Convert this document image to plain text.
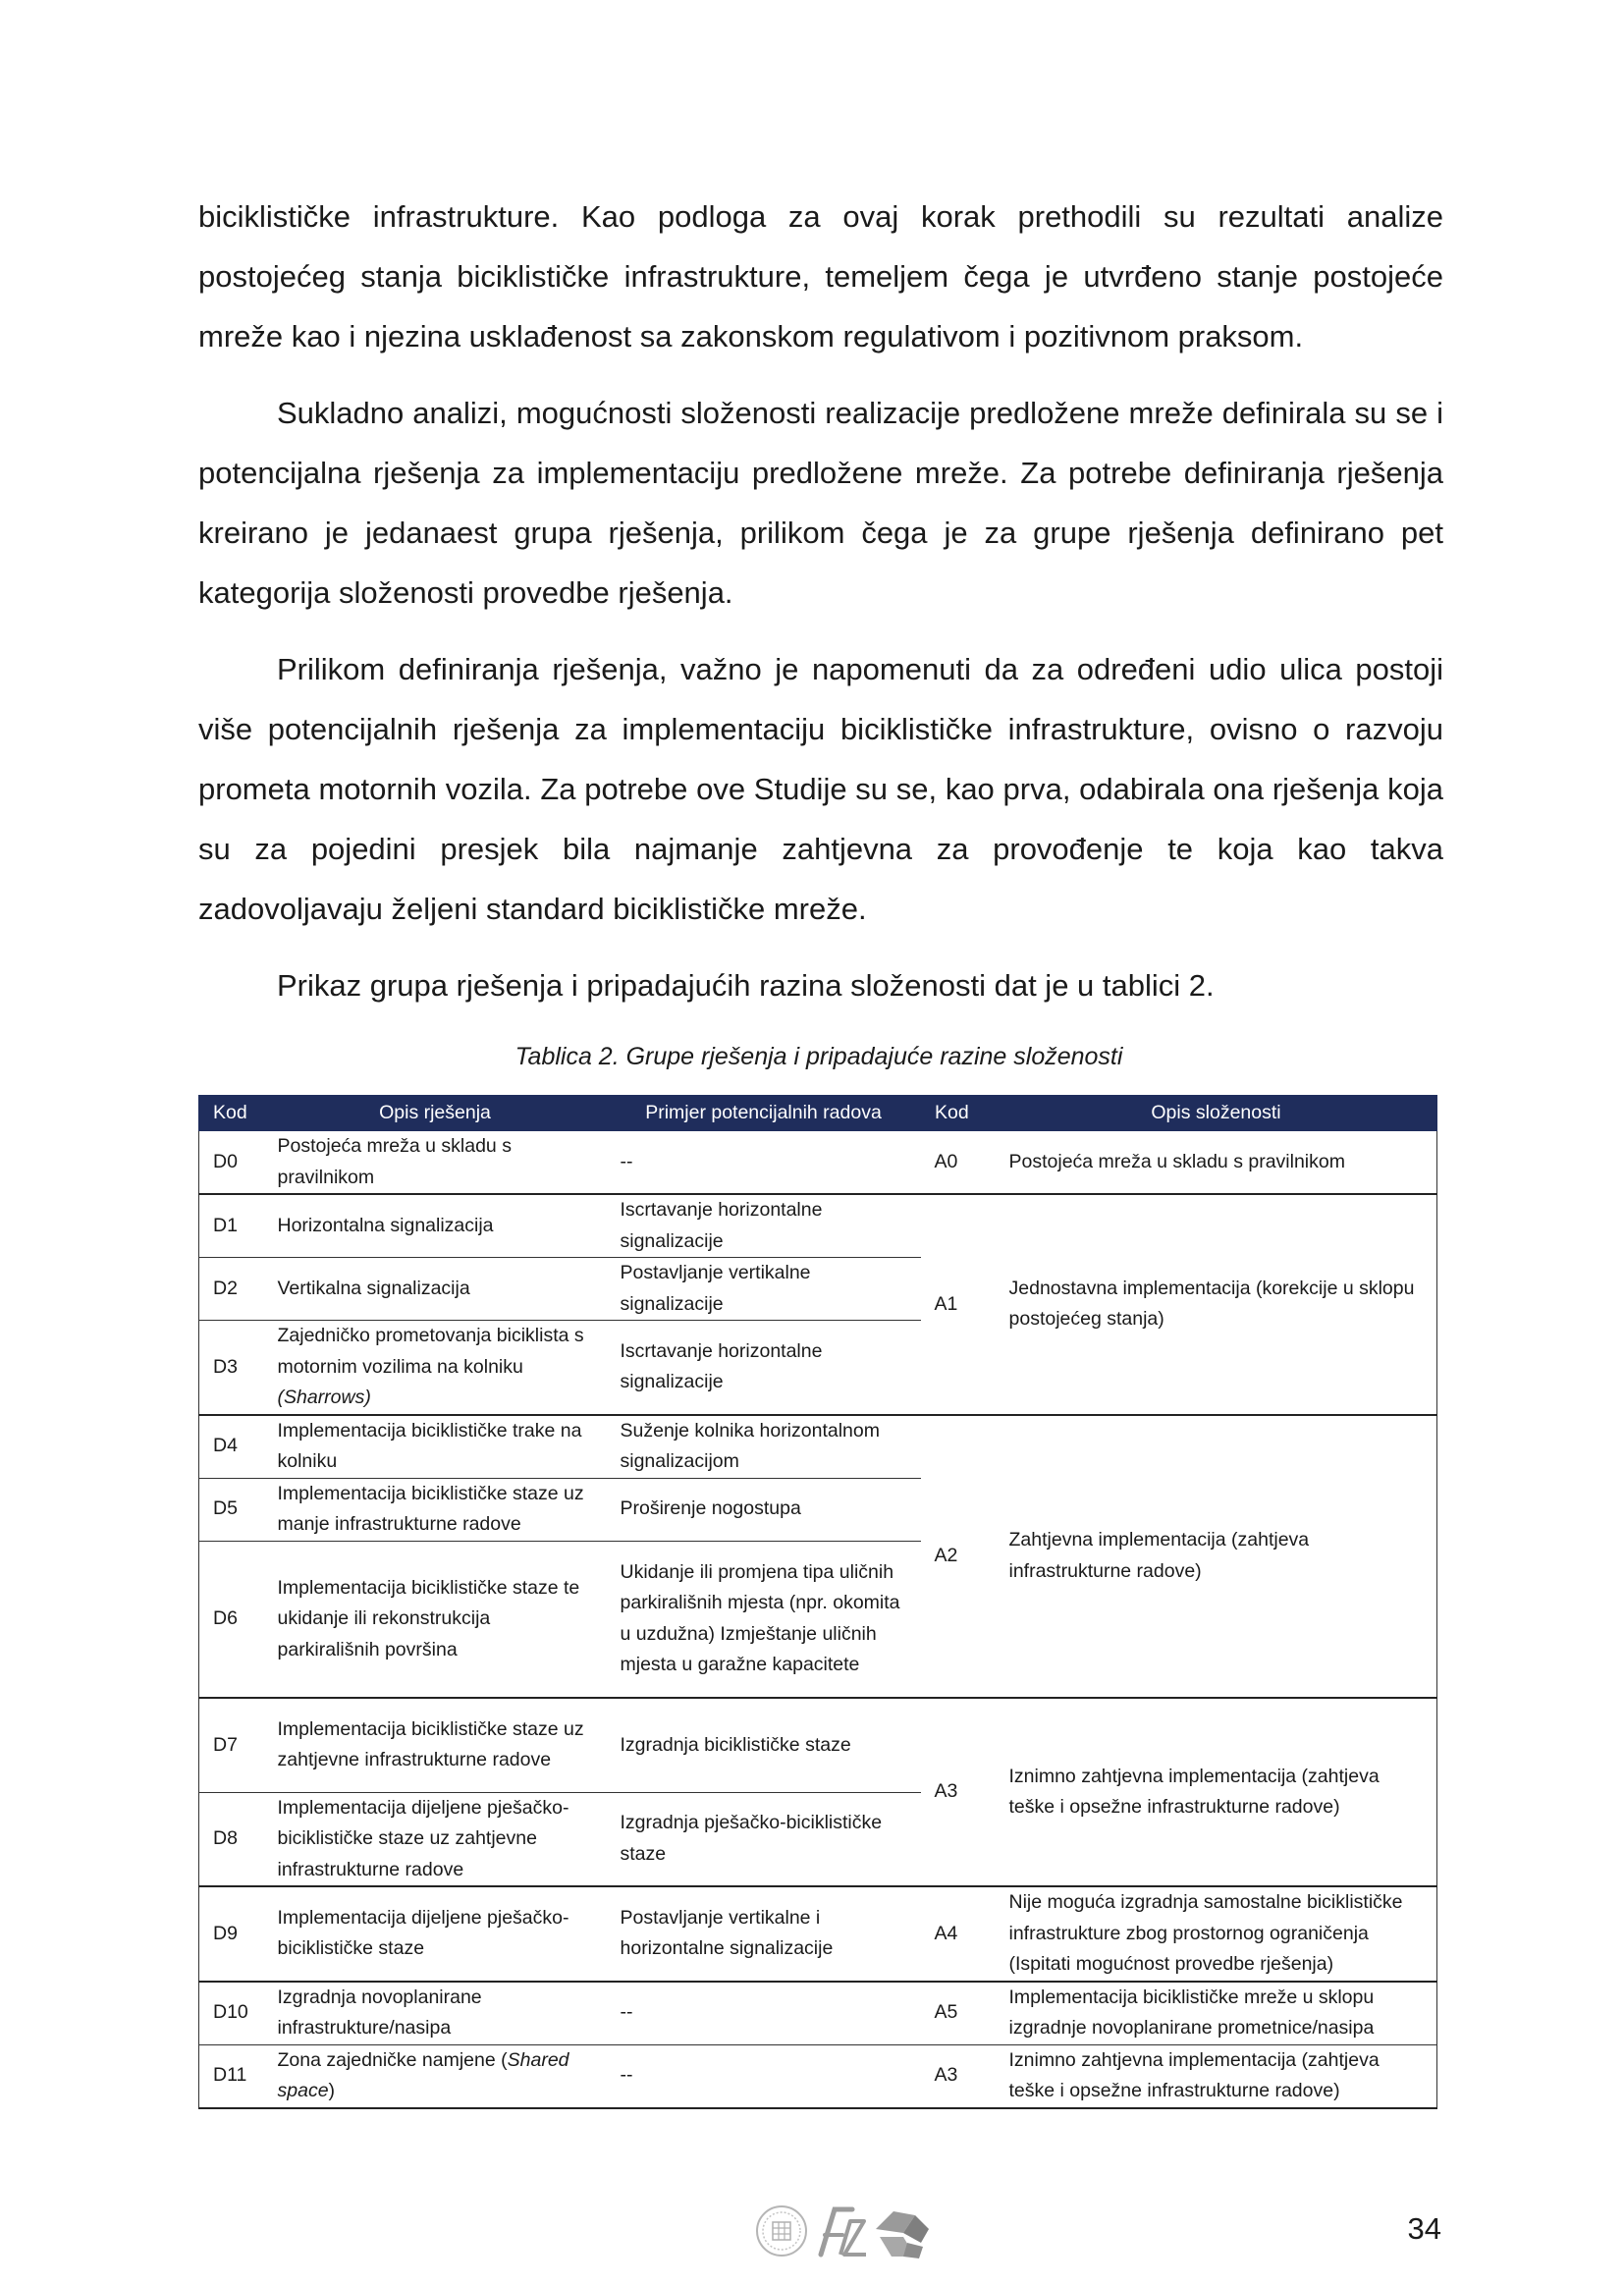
biciklističke infrastrukture. Kao podloga za ovaj korak prethodili su rezultati analize postojećeg stanja biciklističke infrastrukture, temeljem čega je utvrđeno stanje postojeće mreže kao i njezina usklađenost sa zakonskom regulativom i pozitivnom praksom.

Sukladno analizi, mogućnosti složenosti realizacije predložene mreže definirala su se i potencijalna rješenja za implementaciju predložene mreže. Za potrebe definiranja rješenja kreirano je jedanaest grupa rješenja, prilikom čega je za grupe rješenja definirano pet kategorija složenosti provedbe rješenja.

Prilikom definiranja rješenja, važno je napomenuti da za određeni udio ulica postoji više potencijalnih rješenja za implementaciju biciklističke infrastrukture, ovisno o razvoju prometa motornih vozila. Za potrebe ove Studije su se, kao prva, odabirala ona rješenja koja su za pojedini presjek bila najmanje zahtjevna za provođenje te koja kao takva zadovoljavaju željeni standard biciklističke mreže.

Prikaz grupa rješenja i pripadajućih razina složenosti dat je u tablici 2.

Tablica 2. Grupe rješenja i pripadajuće razine složenosti
Kod	Opis rješenja	Primjer potencijalnih radova	Kod	Opis složenosti
D0	Postojeća mreža u skladu s pravilnikom	--	A0	Postojeća mreža u skladu s pravilnikom
D1	Horizontalna signalizacija	Iscrtavanje horizontalne signalizacije	A1	Jednostavna implementacija (korekcije u sklopu postojećeg stanja)
D2	Vertikalna signalizacija	Postavljanje vertikalne signalizacije		
D3	Zajedničko prometovanja biciklista s motornim vozilima na kolniku (Sharrows)	Iscrtavanje horizontalne signalizacije		
D4	Implementacija biciklističke trake na kolniku	Suženje kolnika horizontalnom signalizacijom	A2	Zahtjevna implementacija (zahtjeva infrastrukturne radove)
D5	Implementacija biciklističke staze uz manje infrastrukturne radove	Proširenje nogostupa		
D6	Implementacija biciklističke staze te ukidanje ili rekonstrukcija parkirališnih površina	Ukidanje ili promjena tipa uličnih parkirališnih mjesta (npr. okomita u uzdužna) Izmještanje uličnih mjesta u garažne kapacitete		
D7	Implementacija biciklističke staze uz zahtjevne infrastrukturne radove	Izgradnja biciklističke staze	A3	Iznimno zahtjevna implementacija (zahtjeva teške i opsežne infrastrukturne radove)
D8	Implementacija dijeljene pješačko-biciklističke staze uz zahtjevne infrastrukturne radove	Izgradnja pješačko-biciklističke staze		
D9	Implementacija dijeljene pješačko-biciklističke staze	Postavljanje vertikalne i horizontalne signalizacije	A4	Nije moguća izgradnja samostalne biciklističke infrastrukture zbog prostornog ograničenja (Ispitati mogućnost provedbe rješenja)
D10	Izgradnja novoplanirane infrastrukture/nasipa	--	A5	Implementacija biciklističke mreže u sklopu izgradnje novoplanirane prometnice/nasipa
D11	Zona zajedničke namjene (Shared space)	--	A3	Iznimno zahtjevna implementacija (zahtjeva teške i opsežne infrastrukturne radove)
34
